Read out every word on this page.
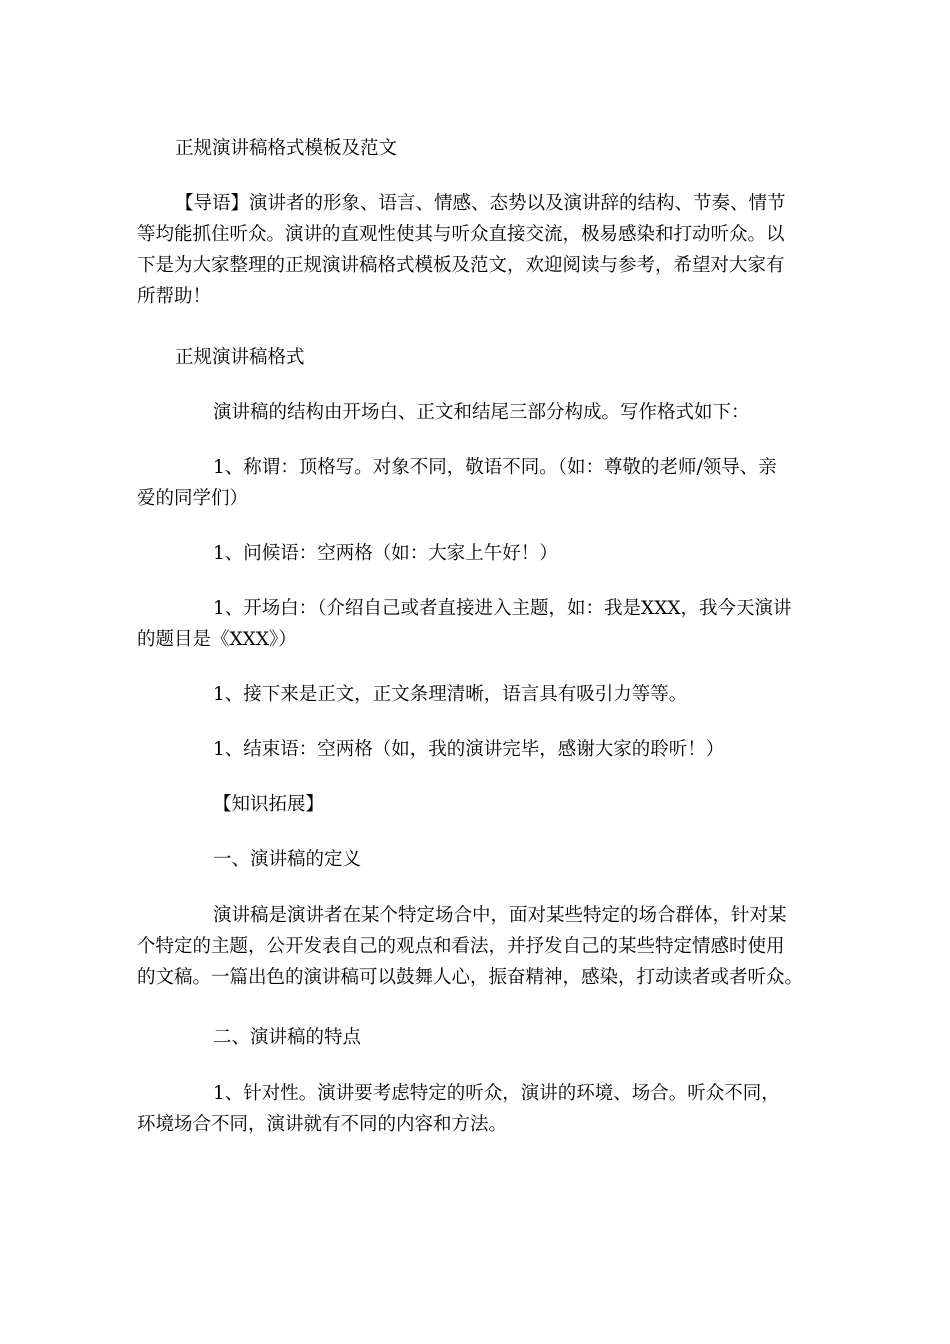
正规演讲稿格式模板及范文
【导语】演讲者的形象、语言、情感、态势以及演讲辞的结构、节奏、情节
等均能抓住听众。演讲的直观性使其与听众直接交流，极易感染和打动听众。以
下是为大家整理的正规演讲稿格式模板及范文，欢迎阅读与参考，希望对大家有
所帮助！
正规演讲稿格式
演讲稿的结构由开场白、正文和结尾三部分构成。写作格式如下：
1、称谓：顶格写。对象不同，敬语不同。（如：尊敬的老师/领导、亲
爱的同学们）
1、问候语：空两格（如：大家上午好！）
1、开场白：（介绍自己或者直接进入主题，如：我是XXX，我今天演讲
的题目是《XXX》）
1、接下来是正文，正文条理清晰，语言具有吸引力等等。
1、结束语：空两格（如，我的演讲完毕，感谢大家的聆听！）
【知识拓展】
一、演讲稿的定义
演讲稿是演讲者在某个特定场合中，面对某些特定的场合群体，针对某
个特定的主题，公开发表自己的观点和看法，并抒发自己的某些特定情感时使用
的文稿。一篇出色的演讲稿可以鼓舞人心，振奋精神，感染，打动读者或者听众。
二、演讲稿的特点
1、针对性。演讲要考虑特定的听众，演讲的环境、场合。听众不同，
环境场合不同，演讲就有不同的内容和方法。
